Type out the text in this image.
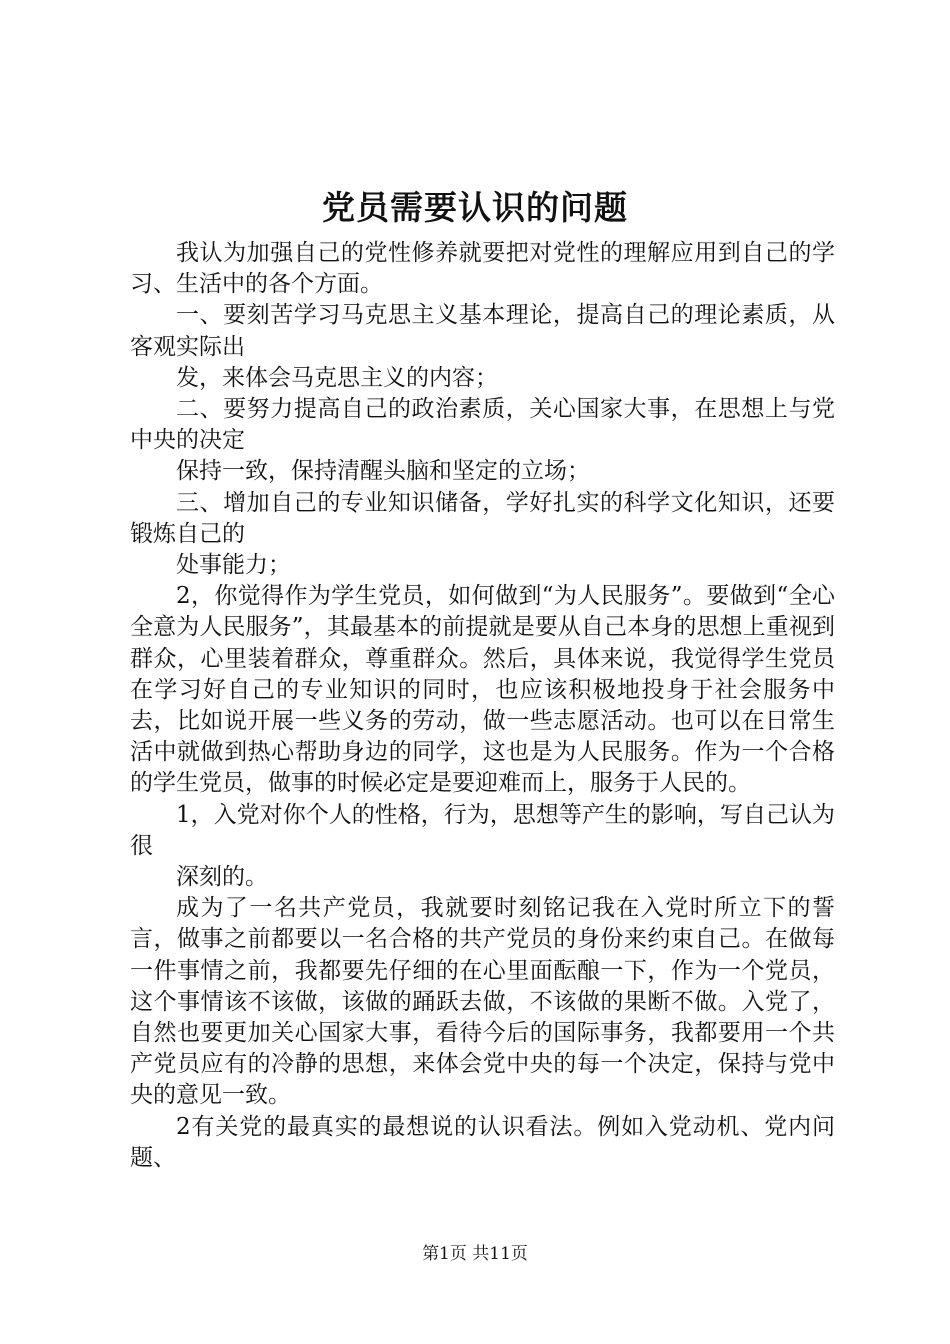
党员需要认识的问题

我认为加强自己的党性修养就要把对党性的理解应用到自己的学习、生活中的各个方面。

一、要刻苦学习马克思主义基本理论，提高自己的理论素质，从客观实际出

发，来体会马克思主义的内容；

二、要努力提高自己的政治素质，关心国家大事，在思想上与党中央的决定

保持一致，保持清醒头脑和坚定的立场；

三、增加自己的专业知识储备，学好扎实的科学文化知识，还要锻炼自己的

处事能力；

2，你觉得作为学生党员，如何做到“为人民服务”。要做到“全心全意为人民服务”，其最基本的前提就是要从自己本身的思想上重视到群众，心里装着群众，尊重群众。然后，具体来说，我觉得学生党员在学习好自己的专业知识的同时，也应该积极地投身于社会服务中去，比如说开展一些义务的劳动，做一些志愿活动。也可以在日常生活中就做到热心帮助身边的同学，这也是为人民服务。作为一个合格的学生党员，做事的时候必定是要迎难而上，服务于人民的。

1，入党对你个人的性格，行为，思想等产生的影响，写自己认为很

深刻的。

成为了一名共产党员，我就要时刻铭记我在入党时所立下的誓言，做事之前都要以一名合格的共产党员的身份来约束自己。在做每一件事情之前，我都要先仔细的在心里面酝酿一下，作为一个党员，这个事情该不该做，该做的踊跃去做，不该做的果断不做。入党了，自然也要更加关心国家大事，看待今后的国际事务，我都要用一个共产党员应有的冷静的思想，来体会党中央的每一个决定，保持与党中央的意见一致。

2有关党的最真实的最想说的认识看法。例如入党动机、党内问题、

第1页 共11页
